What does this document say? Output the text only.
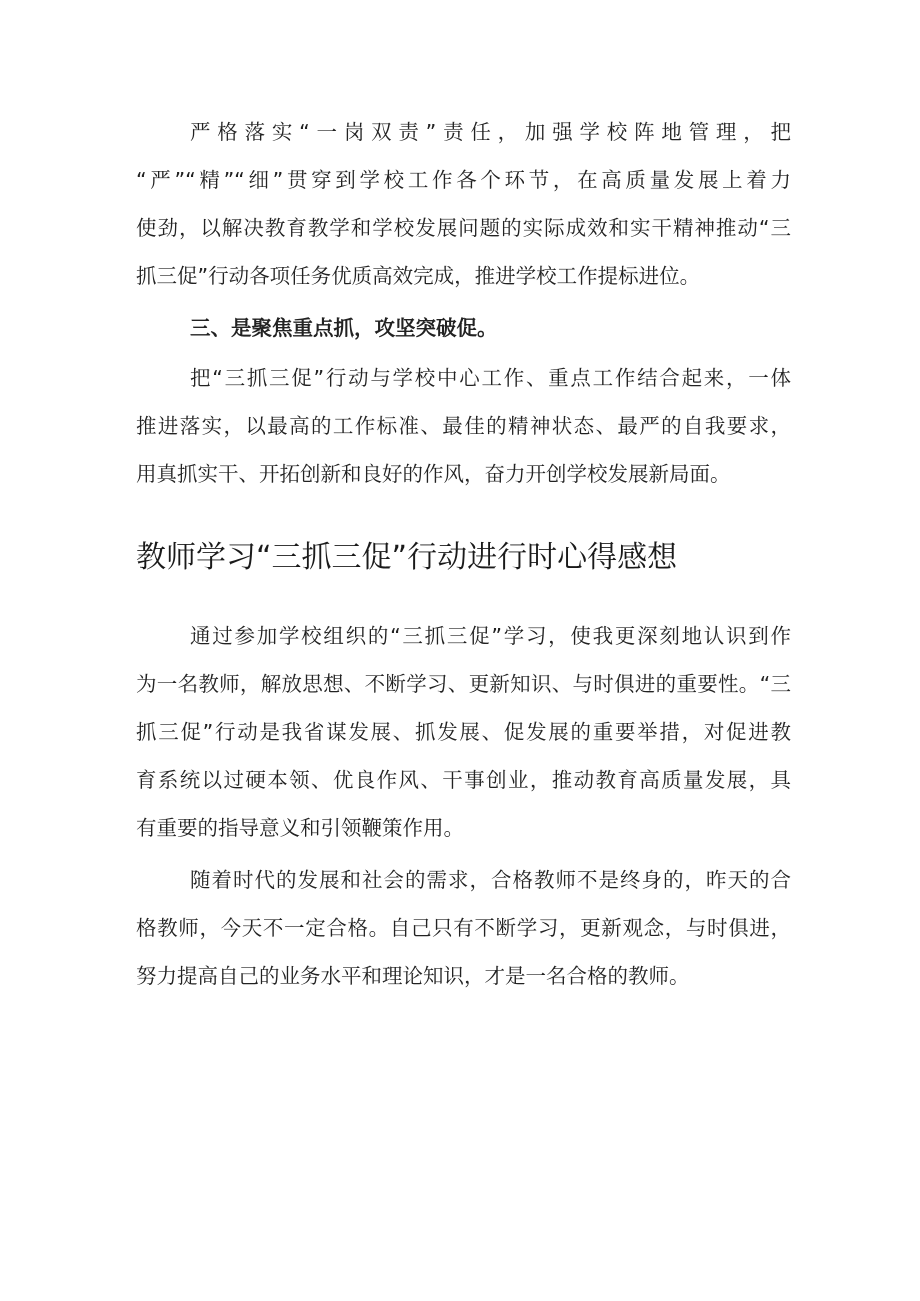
严格落实“一岗双责”责任，加强学校阵地管理，把

“严”“精”“细”贯穿到学校工作各个环节，在高质量发展上着力

使劲，以解决教育教学和学校发展问题的实际成效和实干精神推动“三

抓三促”行动各项任务优质高效完成，推进学校工作提标进位。

三、是聚焦重点抓，攻坚突破促。

把“三抓三促”行动与学校中心工作、重点工作结合起来，一体

推进落实，以最高的工作标准、最佳的精神状态、最严的自我要求，

用真抓实干、开拓创新和良好的作风，奋力开创学校发展新局面。

教师学习“三抓三促”行动进行时心得感想

通过参加学校组织的“三抓三促”学习，使我更深刻地认识到作

为一名教师，解放思想、不断学习、更新知识、与时俱进的重要性。“三

抓三促”行动是我省谋发展、抓发展、促发展的重要举措，对促进教

育系统以过硬本领、优良作风、干事创业，推动教育高质量发展，具

有重要的指导意义和引领鞭策作用。

随着时代的发展和社会的需求，合格教师不是终身的，昨天的合

格教师，今天不一定合格。自己只有不断学习，更新观念，与时俱进，

努力提高自己的业务水平和理论知识，才是一名合格的教师。
